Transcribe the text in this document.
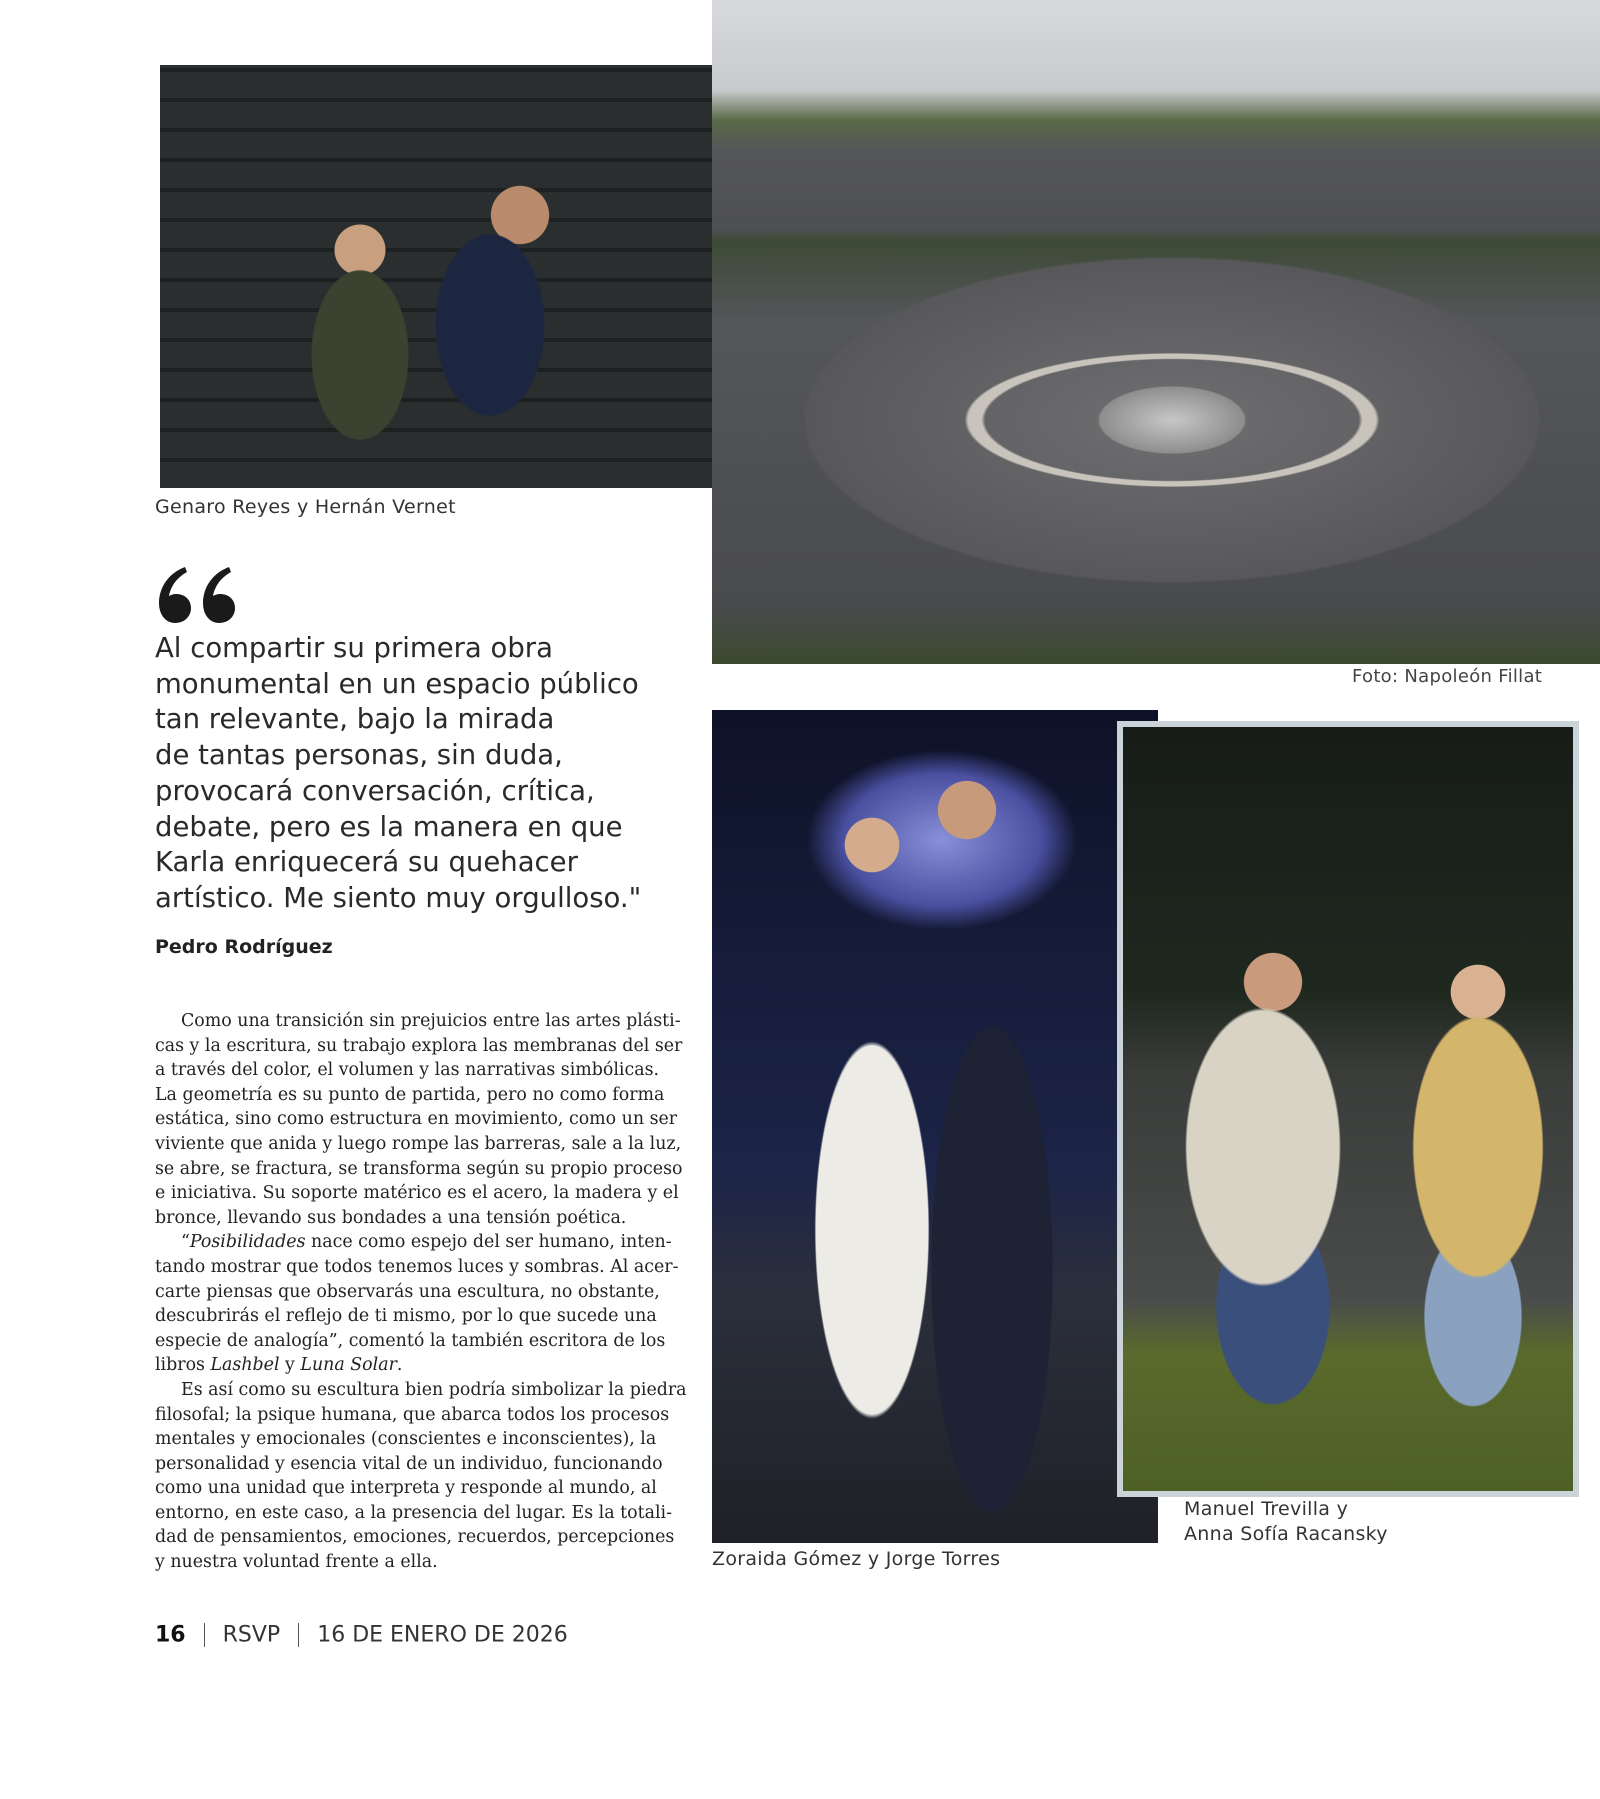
Genaro Reyes y Hernán Vernet
Foto: Napoleón Fillat
Zoraida Gómez y Jorge Torres
Manuel Trevilla y
Anna Sofía Racansky
Al compartir su primera obra
monumental en un espacio público
tan relevante, bajo la mirada
de tantas personas, sin duda,
provocará conversación, crítica,
debate, pero es la manera en que
Karla enriquecerá su quehacer
artístico. Me siento muy orgulloso."
Pedro Rodríguez
Como una transición sin prejuicios entre las artes plásti-
cas y la escritura, su trabajo explora las membranas del ser
a través del color, el volumen y las narrativas simbólicas.
La geometría es su punto de partida, pero no como forma
estática, sino como estructura en movimiento, como un ser
viviente que anida y luego rompe las barreras, sale a la luz,
se abre, se fractura, se transforma según su propio proceso
e iniciativa. Su soporte matérico es el acero, la madera y el
bronce, llevando sus bondades a una tensión poética.
“Posibilidades nace como espejo del ser humano, inten-
tando mostrar que todos tenemos luces y sombras. Al acer-
carte piensas que observarás una escultura, no obstante,
descubrirás el reflejo de ti mismo, por lo que sucede una
especie de analogía”, comentó la también escritora de los
libros Lashbel y Luna Solar.
Es así como su escultura bien podría simbolizar la piedra
filosofal; la psique humana, que abarca todos los procesos
mentales y emocionales (conscientes e inconscientes), la
personalidad y esencia vital de un individuo, funcionando
como una unidad que interpreta y responde al mundo, al
entorno, en este caso, a la presencia del lugar. Es la totali-
dad de pensamientos, emociones, recuerdos, percepciones
y nuestra voluntad frente a ella.
16 RSVP 16 DE ENERO DE 2026
